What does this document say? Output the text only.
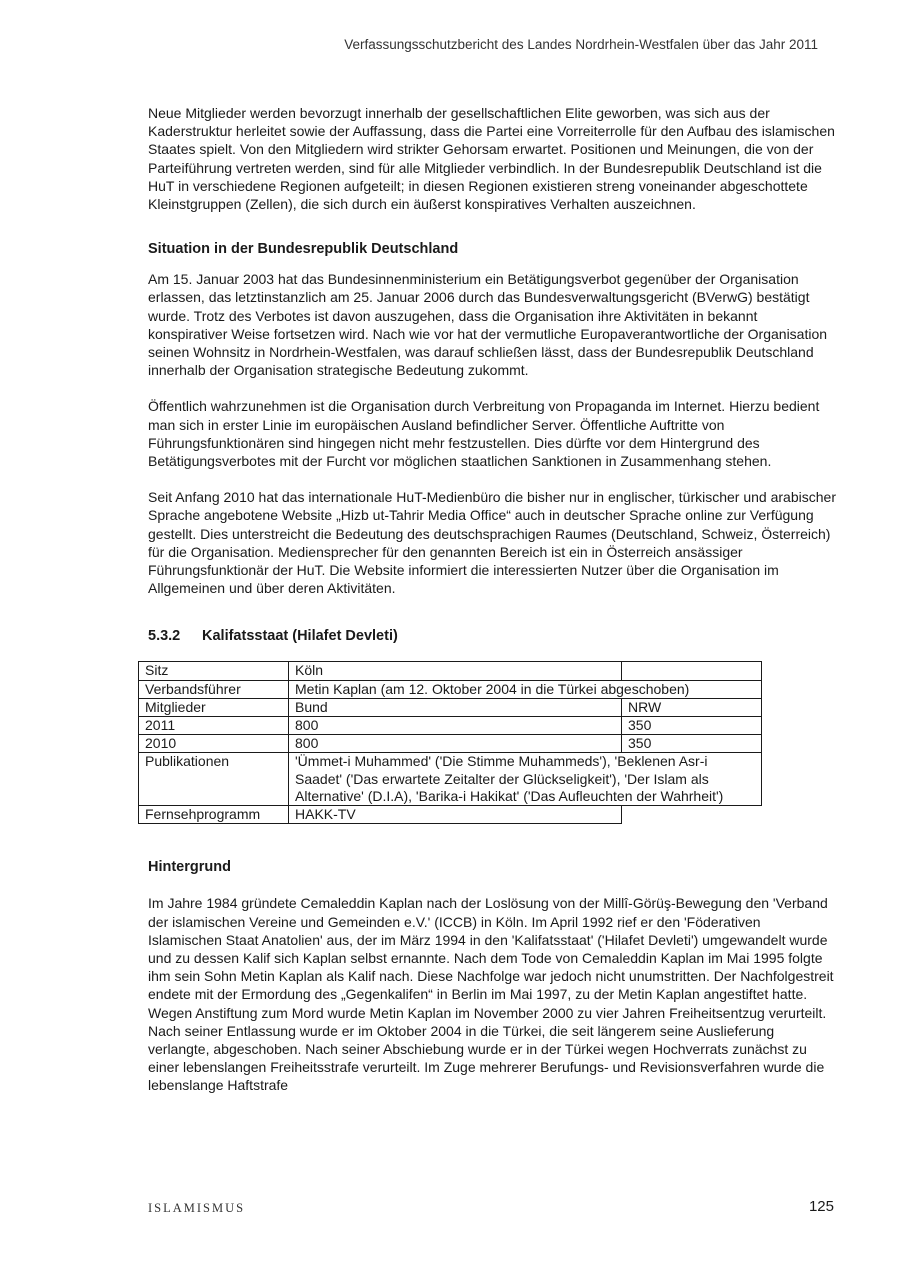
Verfassungsschutzbericht des Landes Nordrhein-Westfalen über das Jahr 2011

Neue Mitglieder werden bevorzugt innerhalb der gesellschaftlichen Elite geworben, was sich aus der Kaderstruktur herleitet sowie der Auffassung, dass die Partei eine Vorreiterrolle für den Aufbau des islamischen Staates spielt. Von den Mitgliedern wird strikter Gehorsam erwartet. Positionen und Meinungen, die von der Parteiführung vertreten werden, sind für alle Mitglieder verbindlich. In der Bundesrepublik Deutschland ist die HuT in verschiedene Regionen aufgeteilt; in diesen Regionen existieren streng voneinander abgeschottete Kleinstgruppen (Zellen), die sich durch ein äußerst konspiratives Verhalten auszeichnen.

Situation in der Bundesrepublik Deutschland

Am 15. Januar 2003 hat das Bundesinnenministerium ein Betätigungsverbot gegenüber der Organisation erlassen, das letztinstanzlich am 25. Januar 2006 durch das Bundesverwaltungsgericht (BVerwG) bestätigt wurde. Trotz des Verbotes ist davon auszugehen, dass die Organisation ihre Aktivitäten in bekannt konspirativer Weise fortsetzen wird. Nach wie vor hat der vermutliche Europaverantwortliche der Organisation seinen Wohnsitz in Nordrhein-Westfalen, was darauf schließen lässt, dass der Bundesrepublik Deutschland innerhalb der Organisation strategische Bedeutung zukommt.

Öffentlich wahrzunehmen ist die Organisation durch Verbreitung von Propaganda im Internet. Hierzu bedient man sich in erster Linie im europäischen Ausland befindlicher Server. Öffentliche Auftritte von Führungsfunktionären sind hingegen nicht mehr festzustellen. Dies dürfte vor dem Hintergrund des Betätigungsverbotes mit der Furcht vor möglichen staatlichen Sanktionen in Zusammenhang stehen.

Seit Anfang 2010 hat das internationale HuT-Medienbüro die bisher nur in englischer, türkischer und arabischer Sprache angebotene Website „Hizb ut-Tahrir Media Office“ auch in deutscher Sprache online zur Verfügung gestellt. Dies unterstreicht die Bedeutung des deutschsprachigen Raumes (Deutschland, Schweiz, Österreich) für die Organisation. Mediensprecher für den genannten Bereich ist ein in Österreich ansässiger Führungsfunktionär der HuT. Die Website informiert die interessierten Nutzer über die Organisation im Allgemeinen und über deren Aktivitäten.

5.3.2	Kalifatsstaat (Hilafet Devleti)
Sitz	Köln	
Verbandsführer	Metin Kaplan (am 12. Oktober 2004 in die Türkei abgeschoben)	
Mitglieder	Bund	NRW
2011	800	350
2010	800	350
Publikationen	'Ümmet-i Muhammed' ('Die Stimme Muhammeds'), 'Beklenen Asr-i Saadet' ('Das erwartete Zeitalter der Glückseligkeit'), 'Der Islam als Alternative' (D.I.A), 'Barika-i Hakikat' ('Das Aufleuchten der Wahrheit')	
Fernsehprogramm	HAKK-TV	
Hintergrund

Im Jahre 1984 gründete Cemaleddin Kaplan nach der Loslösung von der Millî-Görüş-Bewegung den 'Verband der islamischen Vereine und Gemeinden e.V.' (ICCB) in Köln. Im April 1992 rief er den 'Föderativen Islamischen Staat Anatolien' aus, der im März 1994 in den 'Kalifatsstaat' ('Hilafet Devleti') umgewandelt wurde und zu dessen Kalif sich Kaplan selbst ernannte. Nach dem Tode von Cemaleddin Kaplan im Mai 1995 folgte ihm sein Sohn Metin Kaplan als Kalif nach. Diese Nachfolge war jedoch nicht unumstritten. Der Nachfolgestreit endete mit der Ermordung des „Gegenkalifen“ in Berlin im Mai 1997, zu der Metin Kaplan angestiftet hatte. Wegen Anstiftung zum Mord wurde Metin Kaplan im November 2000 zu vier Jahren Freiheitsentzug verurteilt. Nach seiner Entlassung wurde er im Oktober 2004 in die Türkei, die seit längerem seine Auslieferung verlangte, abgeschoben. Nach seiner Abschiebung wurde er in der Türkei wegen Hochverrats zunächst zu einer lebenslangen Freiheitsstrafe verurteilt. Im Zuge mehrerer Berufungs- und Revisionsverfahren wurde die lebenslange Haftstrafe

ISLAMISMUS	125
